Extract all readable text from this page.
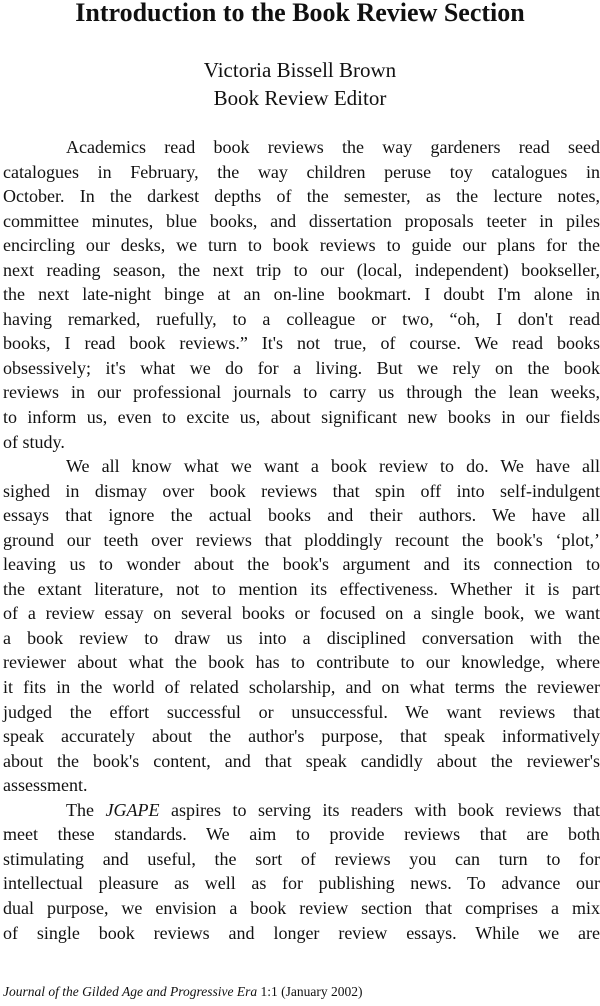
Introduction to the Book Review Section
Victoria Bissell Brown
Book Review Editor
Academics read book reviews the way gardeners read seed
catalogues in February, the way children peruse toy catalogues in
October. In the darkest depths of the semester, as the lecture notes,
committee minutes, blue books, and dissertation proposals teeter in piles
encircling our desks, we turn to book reviews to guide our plans for the
next reading season, the next trip to our (local, independent) bookseller,
the next late-night binge at an on-line bookmart. I doubt I'm alone in
having remarked, ruefully, to a colleague or two, “oh, I don't read
books, I read book reviews.” It's not true, of course. We read books
obsessively; it's what we do for a living. But we rely on the book
reviews in our professional journals to carry us through the lean weeks,
to inform us, even to excite us, about significant new books in our fields
of study.
We all know what we want a book review to do. We have all
sighed in dismay over book reviews that spin off into self-indulgent
essays that ignore the actual books and their authors. We have all
ground our teeth over reviews that ploddingly recount the book's ‘plot,’
leaving us to wonder about the book's argument and its connection to
the extant literature, not to mention its effectiveness. Whether it is part
of a review essay on several books or focused on a single book, we want
a book review to draw us into a disciplined conversation with the
reviewer about what the book has to contribute to our knowledge, where
it fits in the world of related scholarship, and on what terms the reviewer
judged the effort successful or unsuccessful. We want reviews that
speak accurately about the author's purpose, that speak informatively
about the book's content, and that speak candidly about the reviewer's
assessment.
The JGAPE aspires to serving its readers with book reviews that
meet these standards. We aim to provide reviews that are both
stimulating and useful, the sort of reviews you can turn to for
intellectual pleasure as well as for publishing news. To advance our
dual purpose, we envision a book review section that comprises a mix
of single book reviews and longer review essays. While we are
Journal of the Gilded Age and Progressive Era 1:1 (January 2002)
